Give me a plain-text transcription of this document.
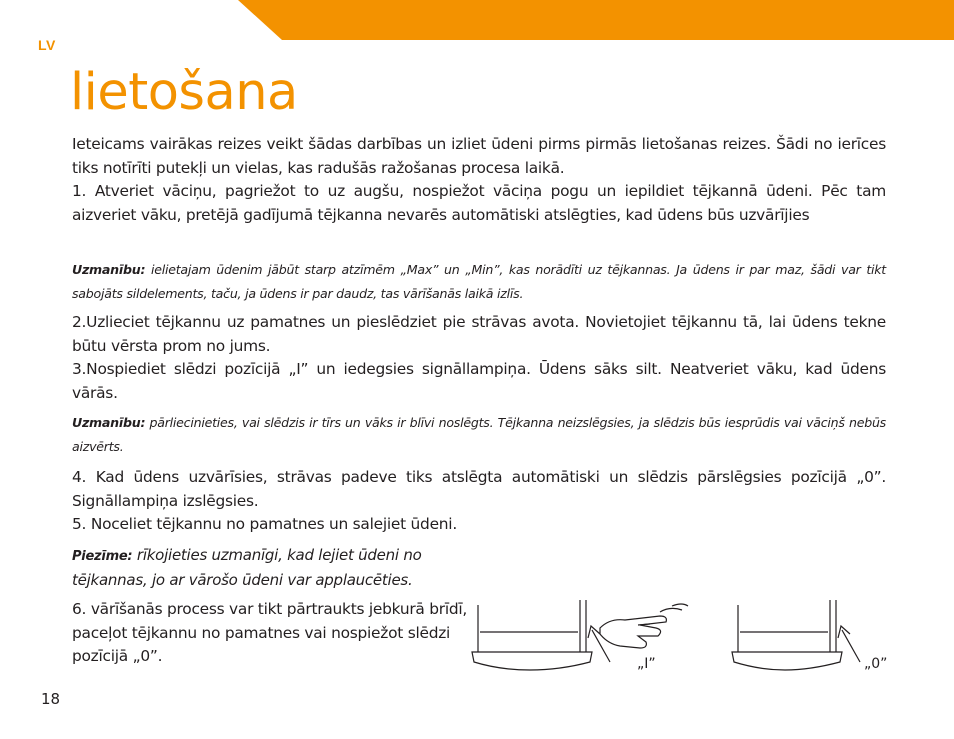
LV
lietošana

Ieteicams vairākas reizes veikt šādas darbības un izliet ūdeni pirms pirmās lietošanas reizes. Šādi no ierīces tiks notīrīti putekļi un vielas, kas radušās ražošanas procesa laikā.

1. Atveriet vāciņu, pagriežot to uz augšu, nospiežot vāciņa pogu un iepildiet tējkannā ūdeni. Pēc tam aizveriet vāku, pretējā gadījumā tējkanna nevarēs automātiski atslēgties, kad ūdens būs uzvārījies

Uzmanību: ielietajam ūdenim jābūt starp atzīmēm „Max” un „Min”, kas norādīti uz tējkannas. Ja ūdens ir par maz, šādi var tikt sabojāts sildelements, taču, ja ūdens ir par daudz, tas vārīšanās laikā izlīs.

2.Uzlieciet tējkannu uz pamatnes un pieslēdziet pie strāvas avota. Novietojiet tējkannu tā, lai ūdens tekne būtu vērsta prom no jums.

3.Nospiediet slēdzi pozīcijā „I” un iedegsies signāllampiņa. Ūdens sāks silt. Neatveriet vāku, kad ūdens vārās.

Uzmanību: pārliecinieties, vai slēdzis ir tīrs un vāks ir blīvi noslēgts. Tējkanna neizslēgsies, ja slēdzis būs iesprūdis vai vāciņš nebūs aizvērts.

4. Kad ūdens uzvārīsies, strāvas padeve tiks atslēgta automātiski un slēdzis pārslēgsies pozīcijā „0”. Signāllampiņa izslēgsies.

5. Noceliet tējkannu no pamatnes un salejiet ūdeni.

Piezīme: rīkojieties uzmanīgi, kad lejiet ūdeni no tējkannas, jo ar vārošo ūdeni var applaucēties.

6. vārīšanās process var tikt pārtraukts jebkurā brīdī, paceļot tējkannu no pamatnes vai nospiežot slēdzi pozīcijā „0”.	„I”	„0”
18
